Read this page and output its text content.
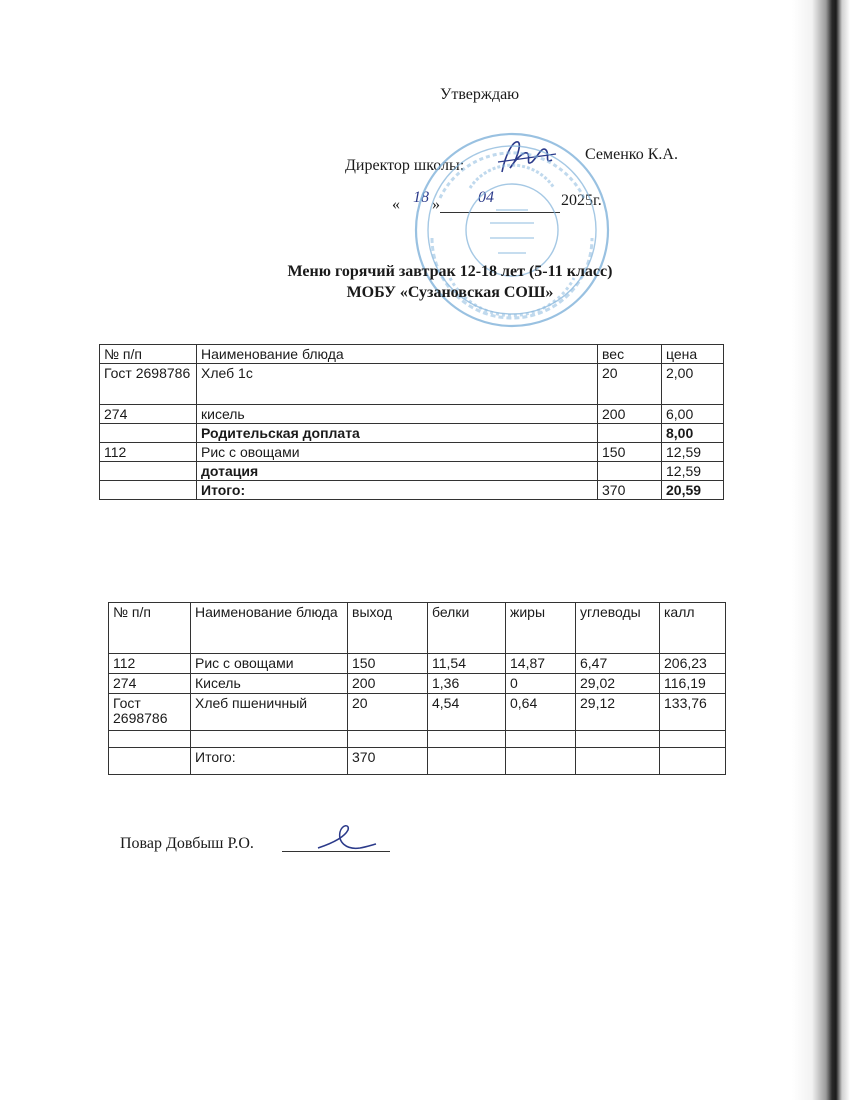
Утверждаю
Директор школы:
Семенко К.А.
« 18 » 04	2025г.
Меню горячий завтрак 12-18 лет (5-11 класс)
МОБУ «Сузановская СОШ»
№ п/п	Наименование блюда	вес	цена
Гост 2698786	Хлеб 1с	20	2,00
274	кисель	200	6,00
	Родительская доплата		8,00
112	Рис с овощами	150	12,59
	дотация		12,59
	Итого:	370	20,59
№ п/п	Наименование блюда	выход	белки	жиры	углеводы	калл
112	Рис с овощами	150	11,54	14,87	6,47	206,23
274	Кисель	200	1,36	0	29,02	116,19
Гост 2698786	Хлеб пшеничный	20	4,54	0,64	29,12	133,76

	Итого:	370				
Повар Довбыш Р.О.
